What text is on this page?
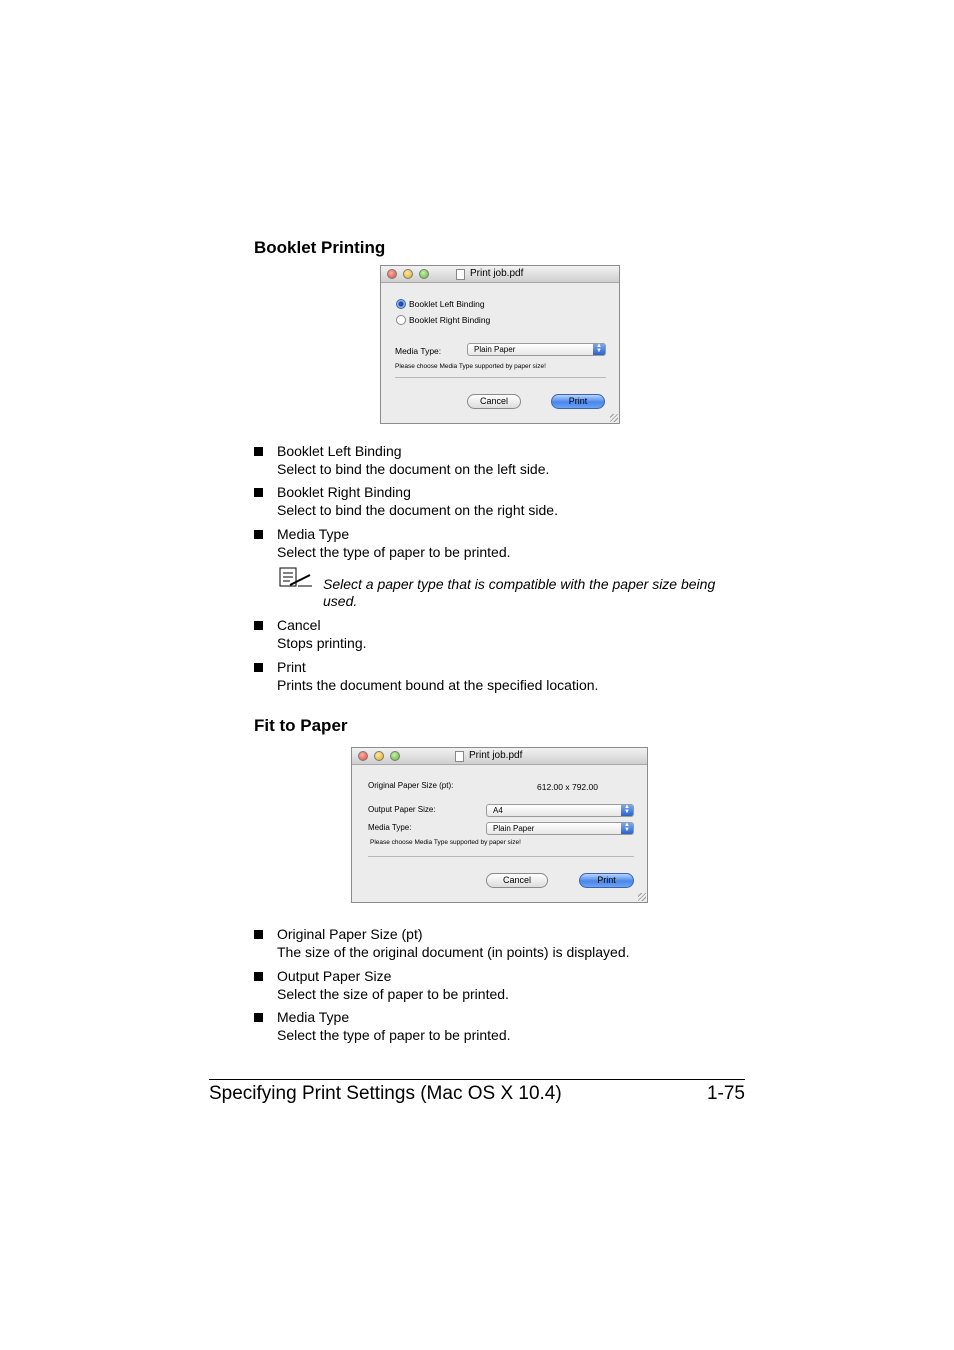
Booklet Printing
Print job.pdf
Booklet Left Binding
Booklet Right Binding
Media Type:	Plain Paper	▲
▼
Please choose Media Type supported by paper size!
Cancel	Print
Booklet Left Binding
Select to bind the document on the left side.
Booklet Right Binding
Select to bind the document on the right side.
Media Type
Select the type of paper to be printed.
Select a paper type that is compatible with the paper size being
used.
Cancel
Stops printing.
Print
Prints the document bound at the specified location.
Fit to Paper
Print job.pdf
Original Paper Size (pt):	612.00 x 792.00
Output Paper Size:	A4	▲
▼
Media Type:	Plain Paper	▲
▼
Please choose Media Type supported by paper size!
Cancel	Print
Original Paper Size (pt)
The size of the original document (in points) is displayed.
Output Paper Size
Select the size of paper to be printed.
Media Type
Select the type of paper to be printed.
Specifying Print Settings (Mac OS X 10.4)	1-75
